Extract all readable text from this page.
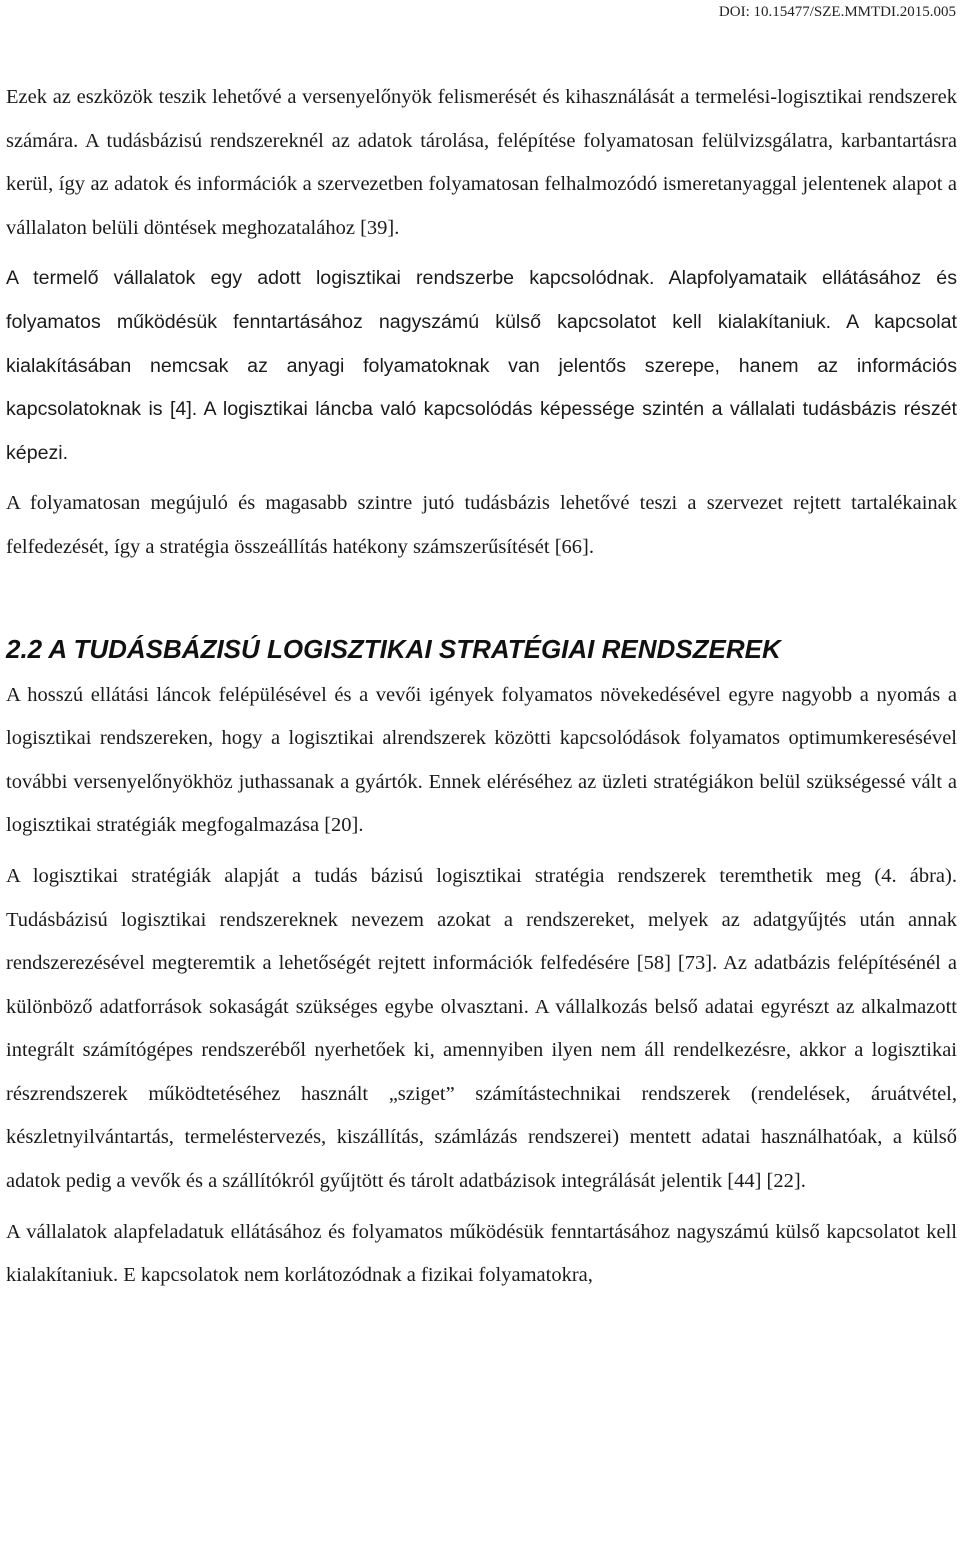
DOI: 10.15477/SZE.MMTDI.2015.005

Ezek az eszközök teszik lehetővé a versenyelőnyök felismerését és kihasználását a termelési-logisztikai rendszerek számára. A tudásbázisú rendszereknél az adatok tárolása, felépítése folyamatosan felülvizsgálatra, karbantartásra kerül, így az adatok és információk a szervezetben folyamatosan felhalmozódó ismeretanyaggal jelentenek alapot a vállalaton belüli döntések meghozatalához [39].

A termelő vállalatok egy adott logisztikai rendszerbe kapcsolódnak. Alapfolyamataik ellátásához és folyamatos működésük fenntartásához nagyszámú külső kapcsolatot kell kialakítaniuk. A kapcsolat kialakításában nemcsak az anyagi folyamatoknak van jelentős szerepe, hanem az információs kapcsolatoknak is [4]. A logisztikai láncba való kapcsolódás képessége szintén a vállalati tudásbázis részét képezi.

A folyamatosan megújuló és magasabb szintre jutó tudásbázis lehetővé teszi a szervezet rejtett tartalékainak felfedezését, így a stratégia összeállítás hatékony számszerűsítését [66].

2.2 A TUDÁSBÁZISÚ LOGISZTIKAI STRATÉGIAI RENDSZEREK

A hosszú ellátási láncok felépülésével és a vevői igények folyamatos növekedésével egyre nagyobb a nyomás a logisztikai rendszereken, hogy a logisztikai alrendszerek közötti kapcsolódások folyamatos optimumkeresésével további versenyelőnyökhöz juthassanak a gyártók. Ennek eléréséhez az üzleti stratégiákon belül szükségessé vált a logisztikai stratégiák megfogalmazása [20].

A logisztikai stratégiák alapját a tudás bázisú logisztikai stratégia rendszerek teremthetik meg (4. ábra). Tudásbázisú logisztikai rendszereknek nevezem azokat a rendszereket, melyek az adatgyűjtés után annak rendszerezésével megteremtik a lehetőségét rejtett információk felfedésére [58] [73]. Az adatbázis felépítésénél a különböző adatforrások sokaságát szükséges egybe olvasztani. A vállalkozás belső adatai egyrészt az alkalmazott integrált számítógépes rendszeréből nyerhetőek ki, amennyiben ilyen nem áll rendelkezésre, akkor a logisztikai részrendszerek működtetéséhez használt „sziget” számítástechnikai rendszerek (rendelések, áruátvétel, készletnyilvántartás, termeléstervezés, kiszállítás, számlázás rendszerei) mentett adatai használhatóak, a külső adatok pedig a vevők és a szállítókról gyűjtött és tárolt adatbázisok integrálását jelentik [44] [22].

A vállalatok alapfeladatuk ellátásához és folyamatos működésük fenntartásához nagyszámú külső kapcsolatot kell kialakítaniuk. E kapcsolatok nem korlátozódnak a fizikai folyamatokra,
